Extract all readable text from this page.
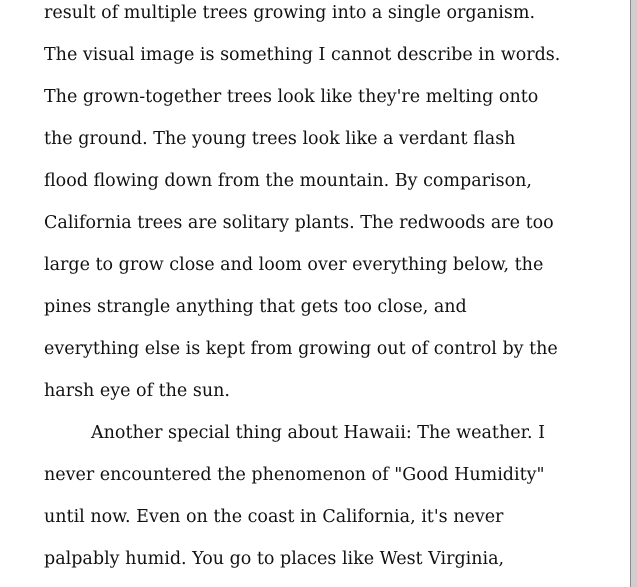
result of multiple trees growing into a single organism.
The visual image is something I cannot describe in words.
The grown-together trees look like they're melting onto
the ground. The young trees look like a verdant flash
flood flowing down from the mountain. By comparison,
California trees are solitary plants. The redwoods are too
large to grow close and loom over everything below, the
pines strangle anything that gets too close, and
everything else is kept from growing out of control by the
harsh eye of the sun.
Another special thing about Hawaii: The weather. I
never encountered the phenomenon of "Good Humidity"
until now. Even on the coast in California, it's never
palpably humid. You go to places like West Virginia,
